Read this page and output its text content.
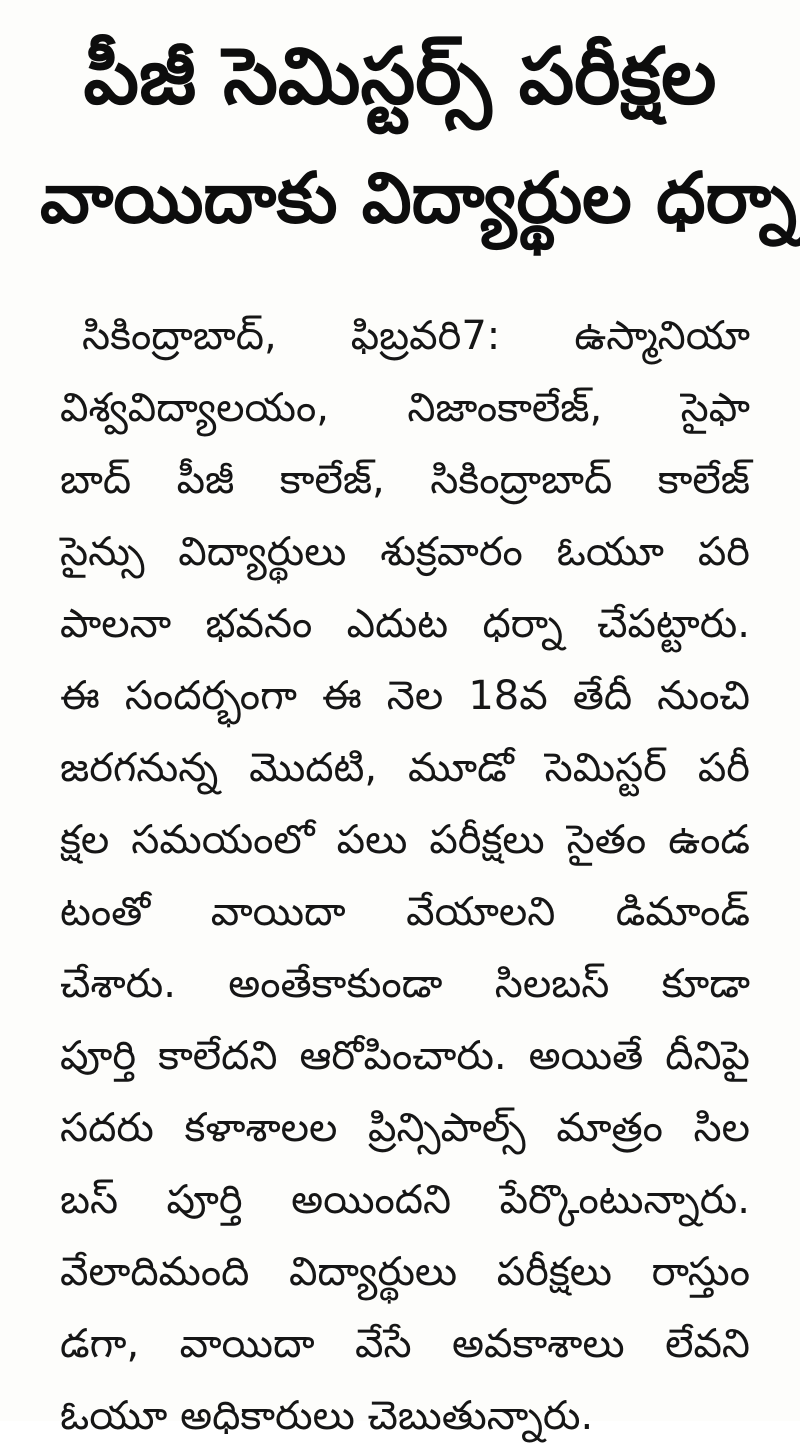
పీజీ సెమిస్టర్స్ పరీక్షల
వాయిదాకు విద్యార్థుల ధర్నా
సికింద్రాబాద్, ఫిబ్రవరి7: ఉస్మానియా
విశ్వవిద్యాలయం, నిజాంకాలేజ్, సైఫా
బాద్ పీజీ కాలేజ్, సికింద్రాబాద్ కాలేజ్
సైన్సు విద్యార్థులు శుక్రవారం ఓయూ పరి
పాలనా భవనం ఎదుట ధర్నా చేపట్టారు.
ఈ సందర్భంగా ఈ నెల 18వ తేదీ నుంచి
జరగనున్న మొదటి, మూడో సెమిస్టర్ పరీ
క్షల సమయంలో పలు పరీక్షలు సైతం ఉండ
టంతో వాయిదా వేయాలని డిమాండ్
చేశారు. అంతేకాకుండా సిలబస్ కూడా
పూర్తి కాలేదని ఆరోపించారు. అయితే దీనిపై
సదరు కళాశాలల ప్రిన్సిపాల్స్ మాత్రం సిల
బస్ పూర్తి అయిందని పేర్కొంటున్నారు.
వేలాదిమంది విద్యార్థులు పరీక్షలు రాస్తుం
డగా, వాయిదా వేసే అవకాశాలు లేవని
ఓయూ అధికారులు చెబుతున్నారు.
